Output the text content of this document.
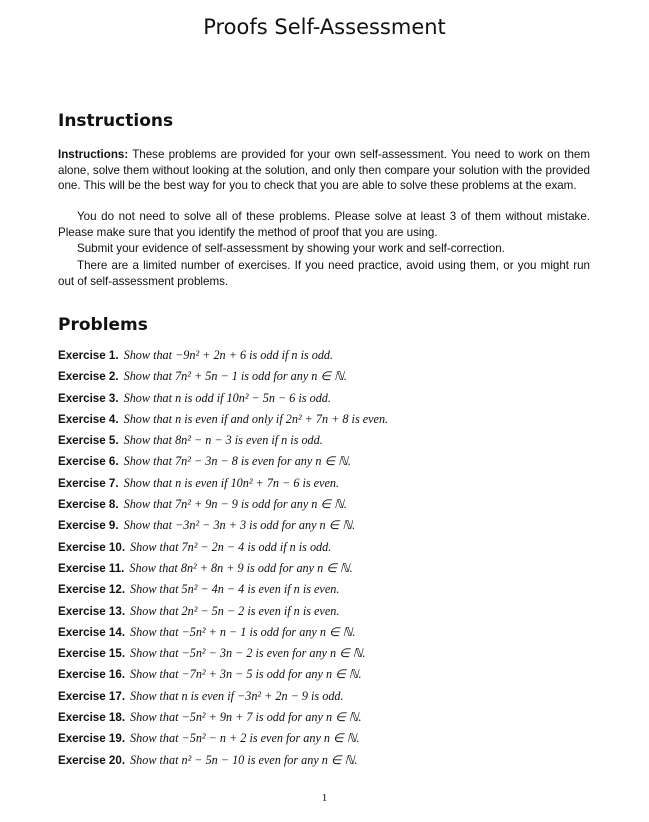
Proofs Self-Assessment
Instructions
Instructions: These problems are provided for your own self-assessment. You need to work on them alone, solve them without looking at the solution, and only then compare your solution with the provided one. This will be the best way for you to check that you are able to solve these problems at the exam.
You do not need to solve all of these problems. Please solve at least 3 of them without mistake. Please make sure that you identify the method of proof that you are using.
Submit your evidence of self-assessment by showing your work and self-correction.
There are a limited number of exercises. If you need practice, avoid using them, or you might run out of self-assessment problems.
Problems
Exercise 1. Show that −9n² + 2n + 6 is odd if n is odd.
Exercise 2. Show that 7n² + 5n − 1 is odd for any n ∈ ℕ.
Exercise 3. Show that n is odd if 10n² − 5n − 6 is odd.
Exercise 4. Show that n is even if and only if 2n² + 7n + 8 is even.
Exercise 5. Show that 8n² − n − 3 is even if n is odd.
Exercise 6. Show that 7n² − 3n − 8 is even for any n ∈ ℕ.
Exercise 7. Show that n is even if 10n² + 7n − 6 is even.
Exercise 8. Show that 7n² + 9n − 9 is odd for any n ∈ ℕ.
Exercise 9. Show that −3n² − 3n + 3 is odd for any n ∈ ℕ.
Exercise 10. Show that 7n² − 2n − 4 is odd if n is odd.
Exercise 11. Show that 8n² + 8n + 9 is odd for any n ∈ ℕ.
Exercise 12. Show that 5n² − 4n − 4 is even if n is even.
Exercise 13. Show that 2n² − 5n − 2 is even if n is even.
Exercise 14. Show that −5n² + n − 1 is odd for any n ∈ ℕ.
Exercise 15. Show that −5n² − 3n − 2 is even for any n ∈ ℕ.
Exercise 16. Show that −7n² + 3n − 5 is odd for any n ∈ ℕ.
Exercise 17. Show that n is even if −3n² + 2n − 9 is odd.
Exercise 18. Show that −5n² + 9n + 7 is odd for any n ∈ ℕ.
Exercise 19. Show that −5n² − n + 2 is even for any n ∈ ℕ.
Exercise 20. Show that n² − 5n − 10 is even for any n ∈ ℕ.
1
